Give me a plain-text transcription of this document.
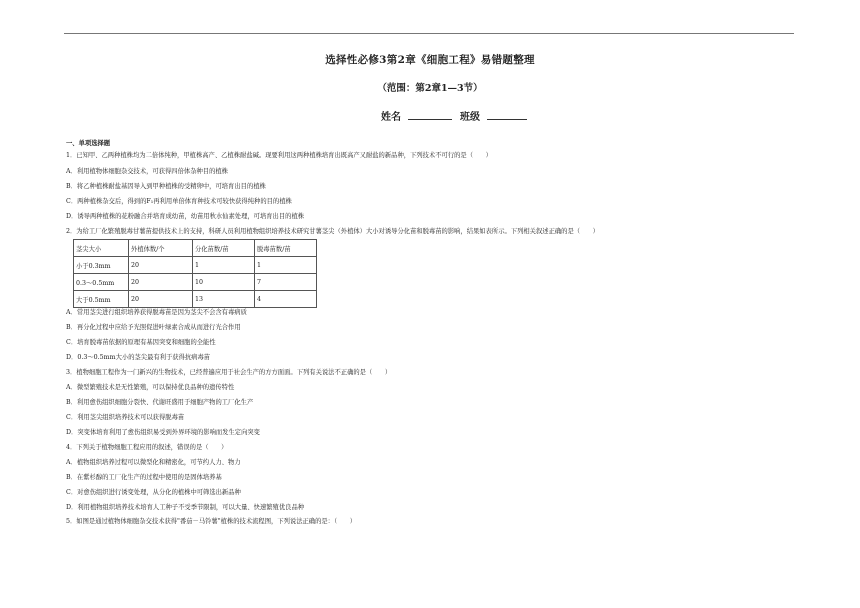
选择性必修3第2章《细胞工程》易错题整理
（范围：第2章1—3节）
姓名	班级
一、单项选择题
1．已知甲、乙两种植株均为二倍体纯种，甲植株高产、乙植株耐盐碱。现要利用这两种植株培育出既高产又耐盐的新品种，下列技术不可行的是（　　）
A．利用植物体细胞杂交技术，可获得四倍体杂种目的植株
B．将乙种植株耐盐基因导入到甲种植株的受精卵中，可培育出目的植株
C．两种植株杂交后，得到的F₁再利用单倍体育种技术可较快获得纯种的目的植株
D．诱导两种植株的花粉融合并培育成幼苗，幼苗用秋水仙素处理，可培育出目的植株
2．为给工厂化繁殖脱毒甘薯苗提供技术上的支持，科研人员利用植物组织培养技术研究甘薯茎尖（外植体）大小对诱导分化苗和脱毒苗的影响，结果如表所示。下列相关叙述正确的是（　　）
茎尖大小	外植体数/个	分化苗数/苗	脱毒苗数/苗
小于0.3mm	20	1	1
0.3～0.5mm	20	10	7
大于0.5mm	20	13	4
A．常用茎尖进行组织培养获得脱毒苗是因为茎尖不会含有毒病质
B．再分化过程中应给予光照促进叶绿素合成从而进行光合作用
C．培育脱毒苗依据的原理有基因突变和细胞的全能性
D．0.3～0.5mm大小的茎尖最有利于获得抗病毒苗
3．植物细胞工程作为一门新兴的生物技术，已经普遍应用于社会生产的方方面面。下列有关说法不正确的是（　　）
A．微型繁殖技术是无性繁殖，可以保持优良品种的遗传特性
B．利用愈伤组织细胞分裂快、代谢旺盛用于细胞产物的工厂化生产
C．利用茎尖组织培养技术可以获得脱毒苗
D．突变体培育利用了愈伤组织易受到外界环境的影响而发生定向突变
4．下列关于植物细胞工程应用的叙述，错误的是（　　）
A．植物组织培养过程可以微型化和精密化，可节约人力、物力
B．在紫杉醇的工厂化生产的过程中使用的是固体培养基
C．对愈伤组织进行诱变处理，从分化的植株中可筛选出新品种
D．利用植物组织培养技术培育人工种子不受季节限制，可以大量、快速繁殖优良品种
5．如图是通过植物体细胞杂交技术获得"番茄－马铃薯"植株的技术流程图，下列说法正确的是：（　　）
